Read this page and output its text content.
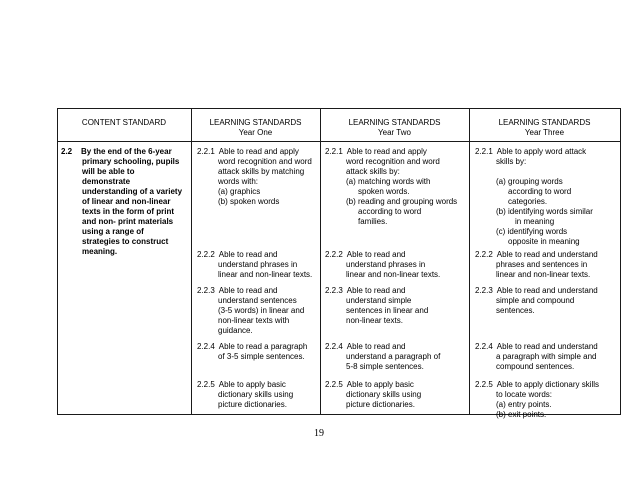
CONTENT STANDARD	LEARNING STANDARDS
Year One
LEARNING STANDARDS
Year Two
LEARNING STANDARDS
Year Three
2.2 By the end of the 6-year
primary schooling, pupils
will be able to
demonstrate
understanding of a variety
of linear and non-linear
texts in the form of print
and non- print materials
using a range of
strategies to construct
meaning.
2.2.1 Able to read and apply
word recognition and word
attack skills by matching
words with:
(a) graphics
(b) spoken words
2.2.2 Able to read and
understand phrases in
linear and non-linear texts.
2.2.3 Able to read and
understand sentences
(3-5 words) in linear and
non-linear texts with
guidance.
2.2.4 Able to read a paragraph
of 3-5 simple sentences.
2.2.5 Able to apply basic
dictionary skills using
picture dictionaries.
2.2.1 Able to read and apply
word recognition and word
attack skills by:
(a) matching words with
spoken words.
(b) reading and grouping words
according to word
families.
2.2.2 Able to read and
understand phrases in
linear and non-linear texts.
2.2.3 Able to read and
understand simple
sentences in linear and
non-linear texts.
2.2.4 Able to read and
understand a paragraph of
5-8 simple sentences.
2.2.5 Able to apply basic
dictionary skills using
picture dictionaries.
2.2.1 Able to apply word attack
skills by:
(a) grouping words
according to word
categories.
(b) identifying words similar
in meaning
(c) identifying words
opposite in meaning
2.2.2 Able to read and understand
phrases and sentences in
linear and non-linear texts.
2.2.3 Able to read and understand
simple and compound
sentences.
2.2.4 Able to read and understand
a paragraph with simple and
compound sentences.
2.2.5 Able to apply dictionary skills
to locate words:
(a) entry points.
(b) exit points.
19
